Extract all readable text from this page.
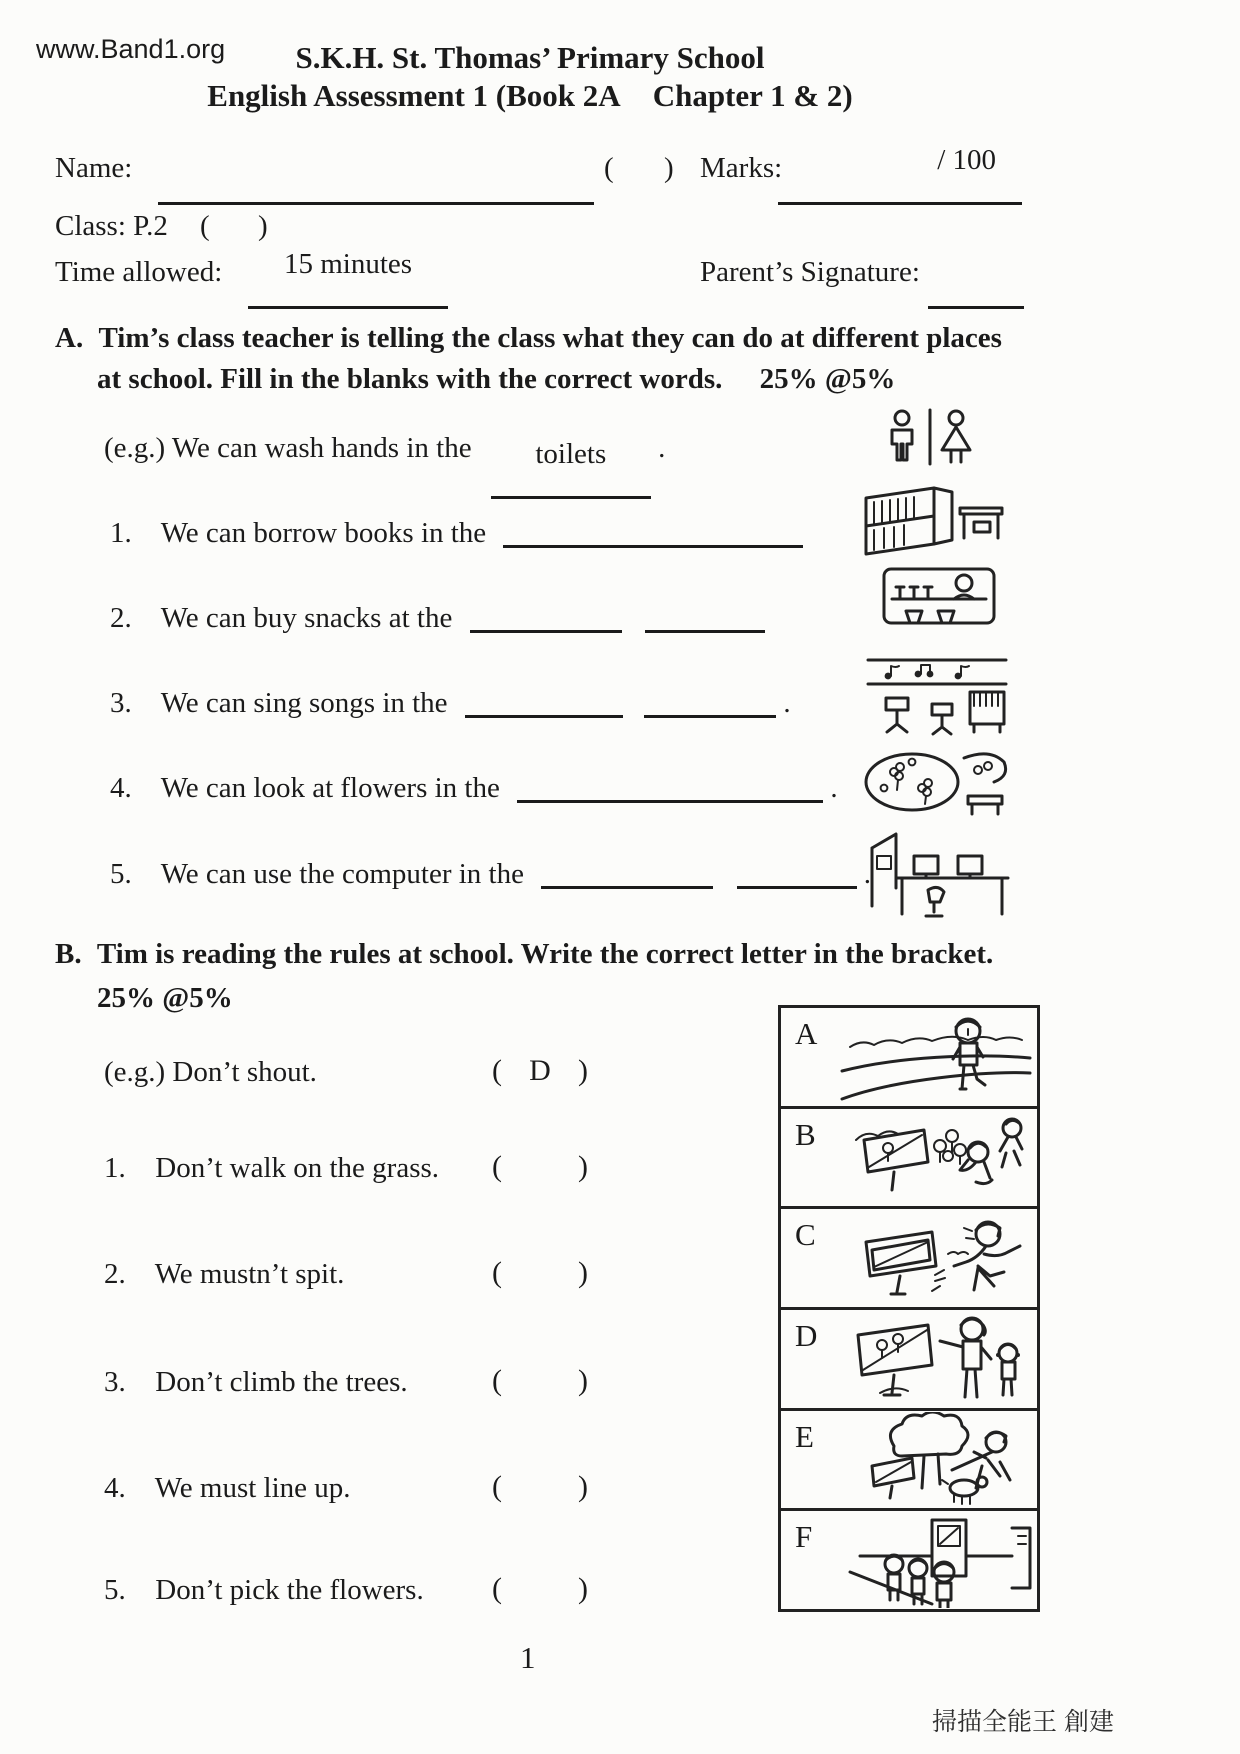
www.Band1.org	S.K.H. St. Thomas’ Primary School
English Assessment 1 (Book 2A Chapter 1 & 2)
Name:	( ) Marks:	/ 100
Class: P.2 ( )
Time allowed:	15 minutes	Parent’s Signature:
A. Tim’s class teacher is telling the class what they can do at different places
at school. Fill in the blanks with the correct words. 25% @5%
(e.g.) We can wash hands in the	toilets	.
1. We can borrow books in the
2. We can buy snacks at the
3. We can sing songs in the	.
4. We can look at flowers in the	.
5. We can use the computer in the	.
B. Tim is reading the rules at school. Write the correct letter in the bracket.
25% @5%
(e.g.) Don’t shout.	( D )
1. Don’t walk on the grass. (	)
2. We mustn’t spit.	(	)
3. Don’t climb the trees.	(	)
4. We must line up.	(	)
5. Don’t pick the flowers. (	)
A
B
C
D
E
F
1
掃描全能王 創建
